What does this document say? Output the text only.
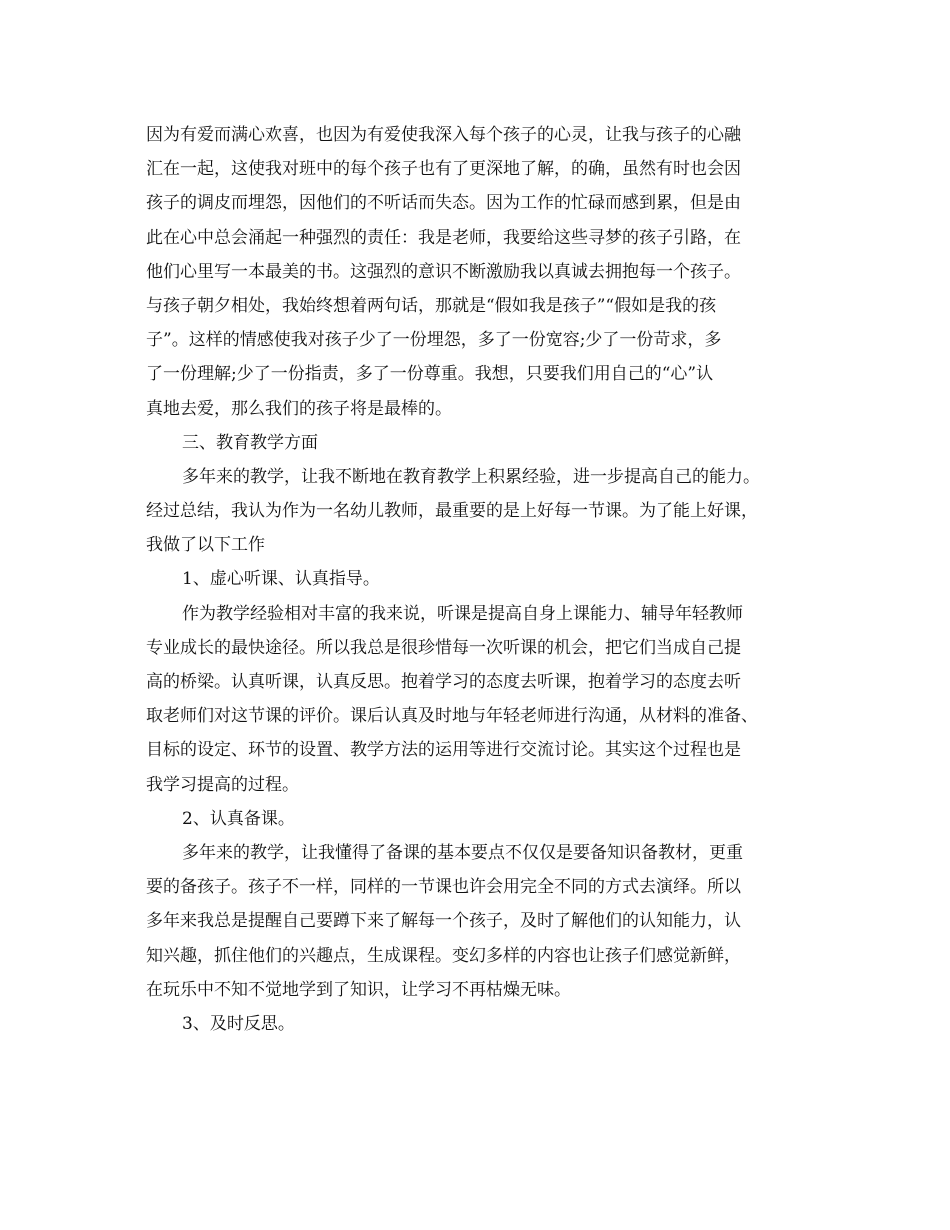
因为有爱而满心欢喜，也因为有爱使我深入每个孩子的心灵，让我与孩子的心融
汇在一起，这使我对班中的每个孩子也有了更深地了解，的确，虽然有时也会因
孩子的调皮而埋怨，因他们的不听话而失态。因为工作的忙碌而感到累，但是由
此在心中总会涌起一种强烈的责任：我是老师，我要给这些寻梦的孩子引路，在
他们心里写一本最美的书。这强烈的意识不断激励我以真诚去拥抱每一个孩子。
与孩子朝夕相处，我始终想着两句话，那就是“假如我是孩子”“假如是我的孩
子”。这样的情感使我对孩子少了一份埋怨，多了一份宽容;少了一份苛求，多
了一份理解;少了一份指责，多了一份尊重。我想，只要我们用自己的“心”认
真地去爱，那么我们的孩子将是最棒的。
三、教育教学方面
多年来的教学，让我不断地在教育教学上积累经验，进一步提高自己的能力。
经过总结，我认为作为一名幼儿教师，最重要的是上好每一节课。为了能上好课，
我做了以下工作
1、虚心听课、认真指导。
作为教学经验相对丰富的我来说，听课是提高自身上课能力、辅导年轻教师
专业成长的最快途径。所以我总是很珍惜每一次听课的机会，把它们当成自己提
高的桥梁。认真听课，认真反思。抱着学习的态度去听课，抱着学习的态度去听
取老师们对这节课的评价。课后认真及时地与年轻老师进行沟通，从材料的准备、
目标的设定、环节的设置、教学方法的运用等进行交流讨论。其实这个过程也是
我学习提高的过程。
2、认真备课。
多年来的教学，让我懂得了备课的基本要点不仅仅是要备知识备教材，更重
要的备孩子。孩子不一样，同样的一节课也许会用完全不同的方式去演绎。所以
多年来我总是提醒自己要蹲下来了解每一个孩子，及时了解他们的认知能力，认
知兴趣，抓住他们的兴趣点，生成课程。变幻多样的内容也让孩子们感觉新鲜，
在玩乐中不知不觉地学到了知识，让学习不再枯燥无味。
3、及时反思。
